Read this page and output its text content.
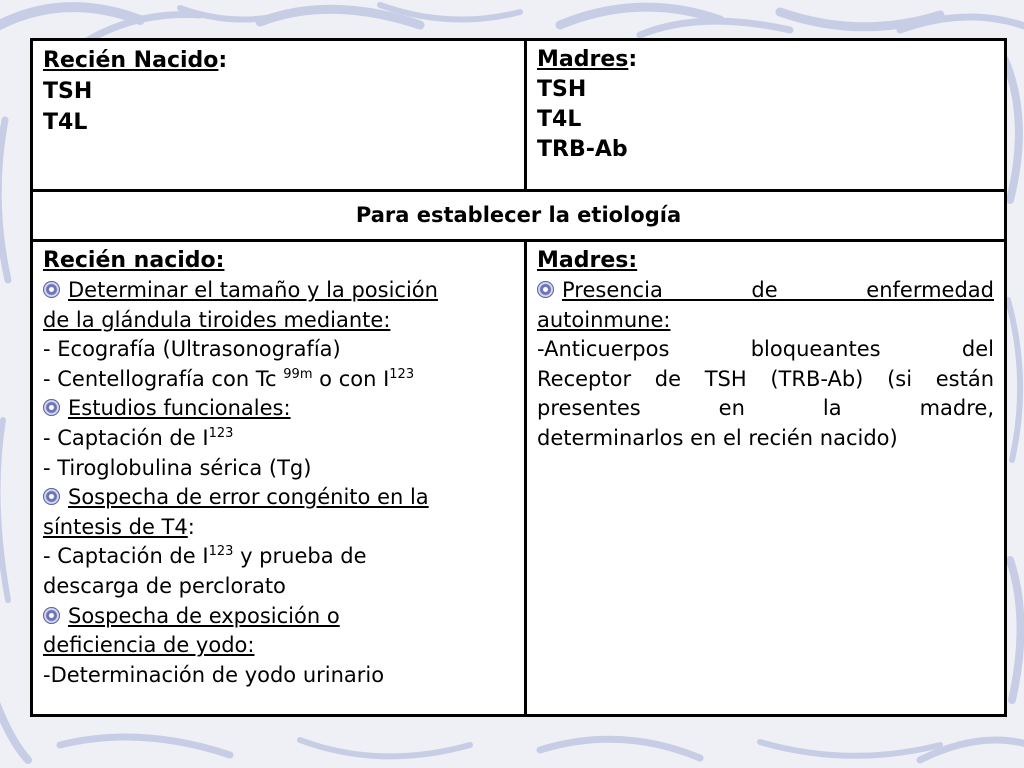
Recién Nacido:
TSH
T4L
Madres:
TSH
T4L
TRB-Ab
Para establecer la etiología
Recién nacido:
Determinar el tamaño y la posición
de la glándula tiroides mediante:
- Ecografía (Ultrasonografía)
- Centellografía con Tc $^{99m}$ o con $I^{123}$
Estudios funcionales:
- Captación de $I^{123}$
- Tiroglobulina sérica (Tg)
Sospecha de error congénito en la
síntesis de T4:
- Captación de $I^{123}$ y prueba de
descarga de perclorato
Sospecha de exposición o
deficiencia de yodo:
-Determinación de yodo urinario
Madres:
Presencia de enfermedad
autoinmune:
-Anticuerpos bloqueantes del
Receptor de TSH (TRB-Ab) (si están
presentes en la madre,
determinarlos en el recién nacido)
